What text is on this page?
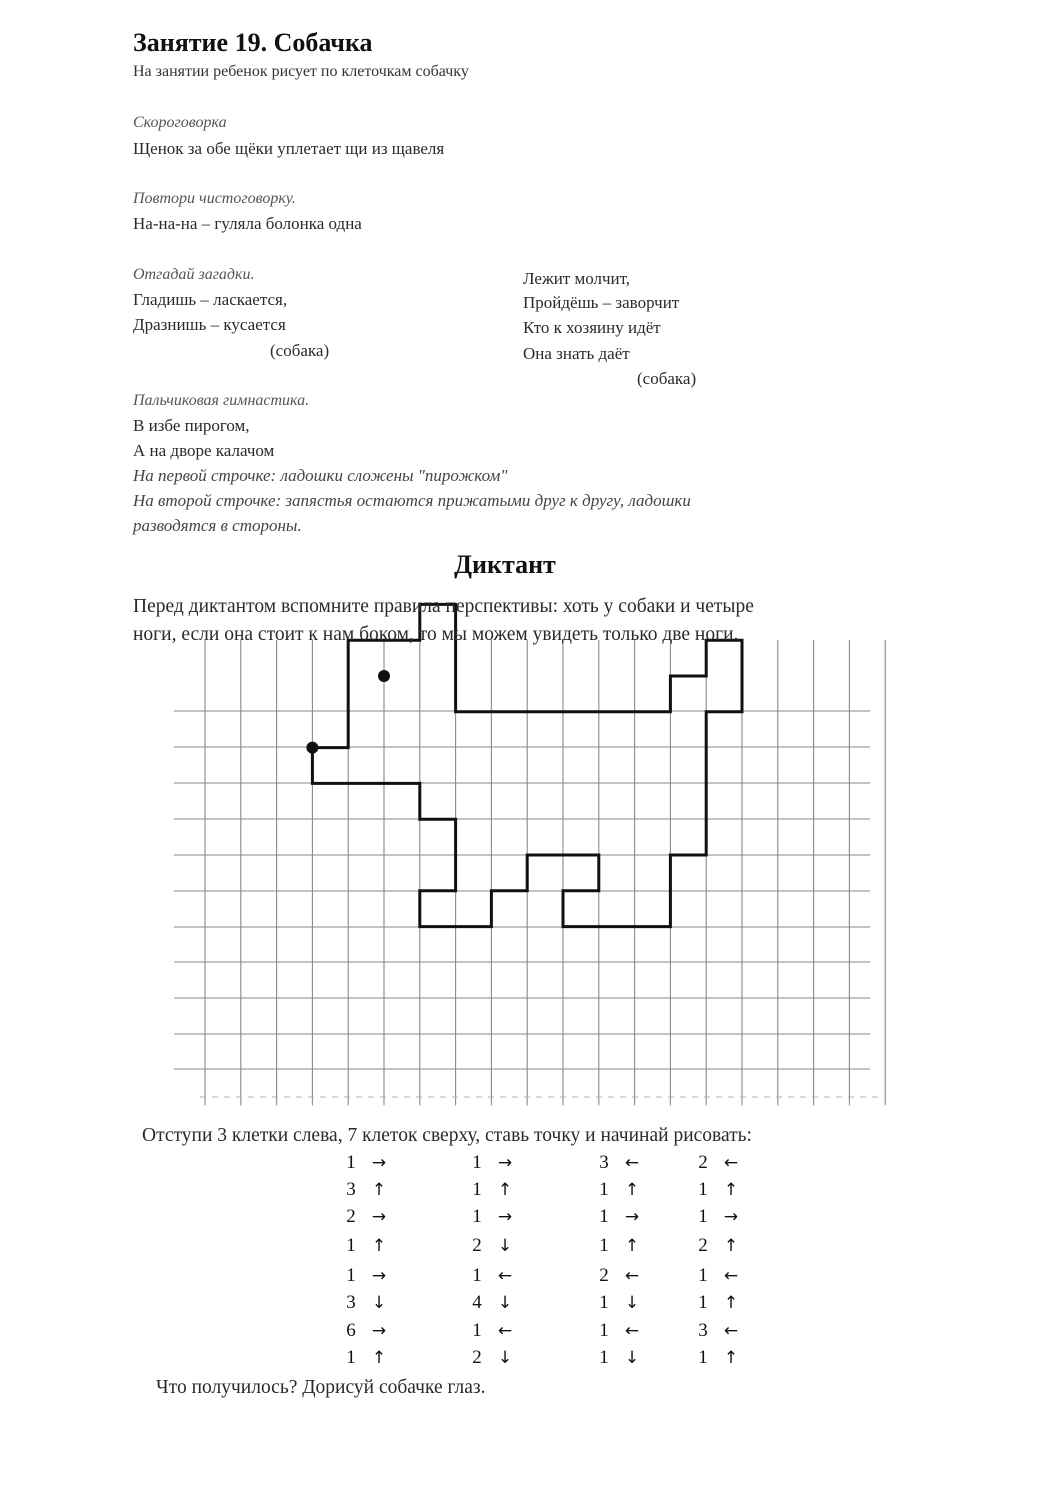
Занятие 19. Собачка
На занятии ребенок рисует по клеточкам собачку
Скороговорка
Щенок за обе щёки уплетает щи из щавеля
Повтори чистоговорку.
На-на-на – гуляла болонка одна
Отгадай загадки.
Гладишь – ласкается,
Дразнишь – кусается
(собака)
Лежит молчит,
Пройдёшь – заворчит
Кто к хозяину идёт
Она знать даёт
(собака)
Пальчиковая гимнастика.
В избе пирогом,
А на дворе калачом
На первой строчке: ладошки сложены "пирожком"
На второй строчке: запястья остаются прижатыми друг к другу, ладошки
разводятся в стороны.
Диктант
Перед диктантом вспомните правила перспективы: хоть у собаки и четыре
ноги, если она стоит к нам боком, то мы можем увидеть только две ноги.
Отступи 3 клетки слева, 7 клеток сверху, ставь точку и начинай рисовать:
1 →
3 ↑
2 →
1 ↑
1 →
3 ↓
6 →
1 ↑
1 →
1 ↑
1 →
2 ↓
1 ←
4 ↓
1 ←
2 ↓
3 ←
1 ↑
1 →
1 ↑
2 ←
1 ↓
1 ←
1 ↓
2 ←
1 ↑
1 →
2 ↑
1 ←
1 ↑
3 ←
1 ↑
Что получилось? Дорисуй собачке глаз.
